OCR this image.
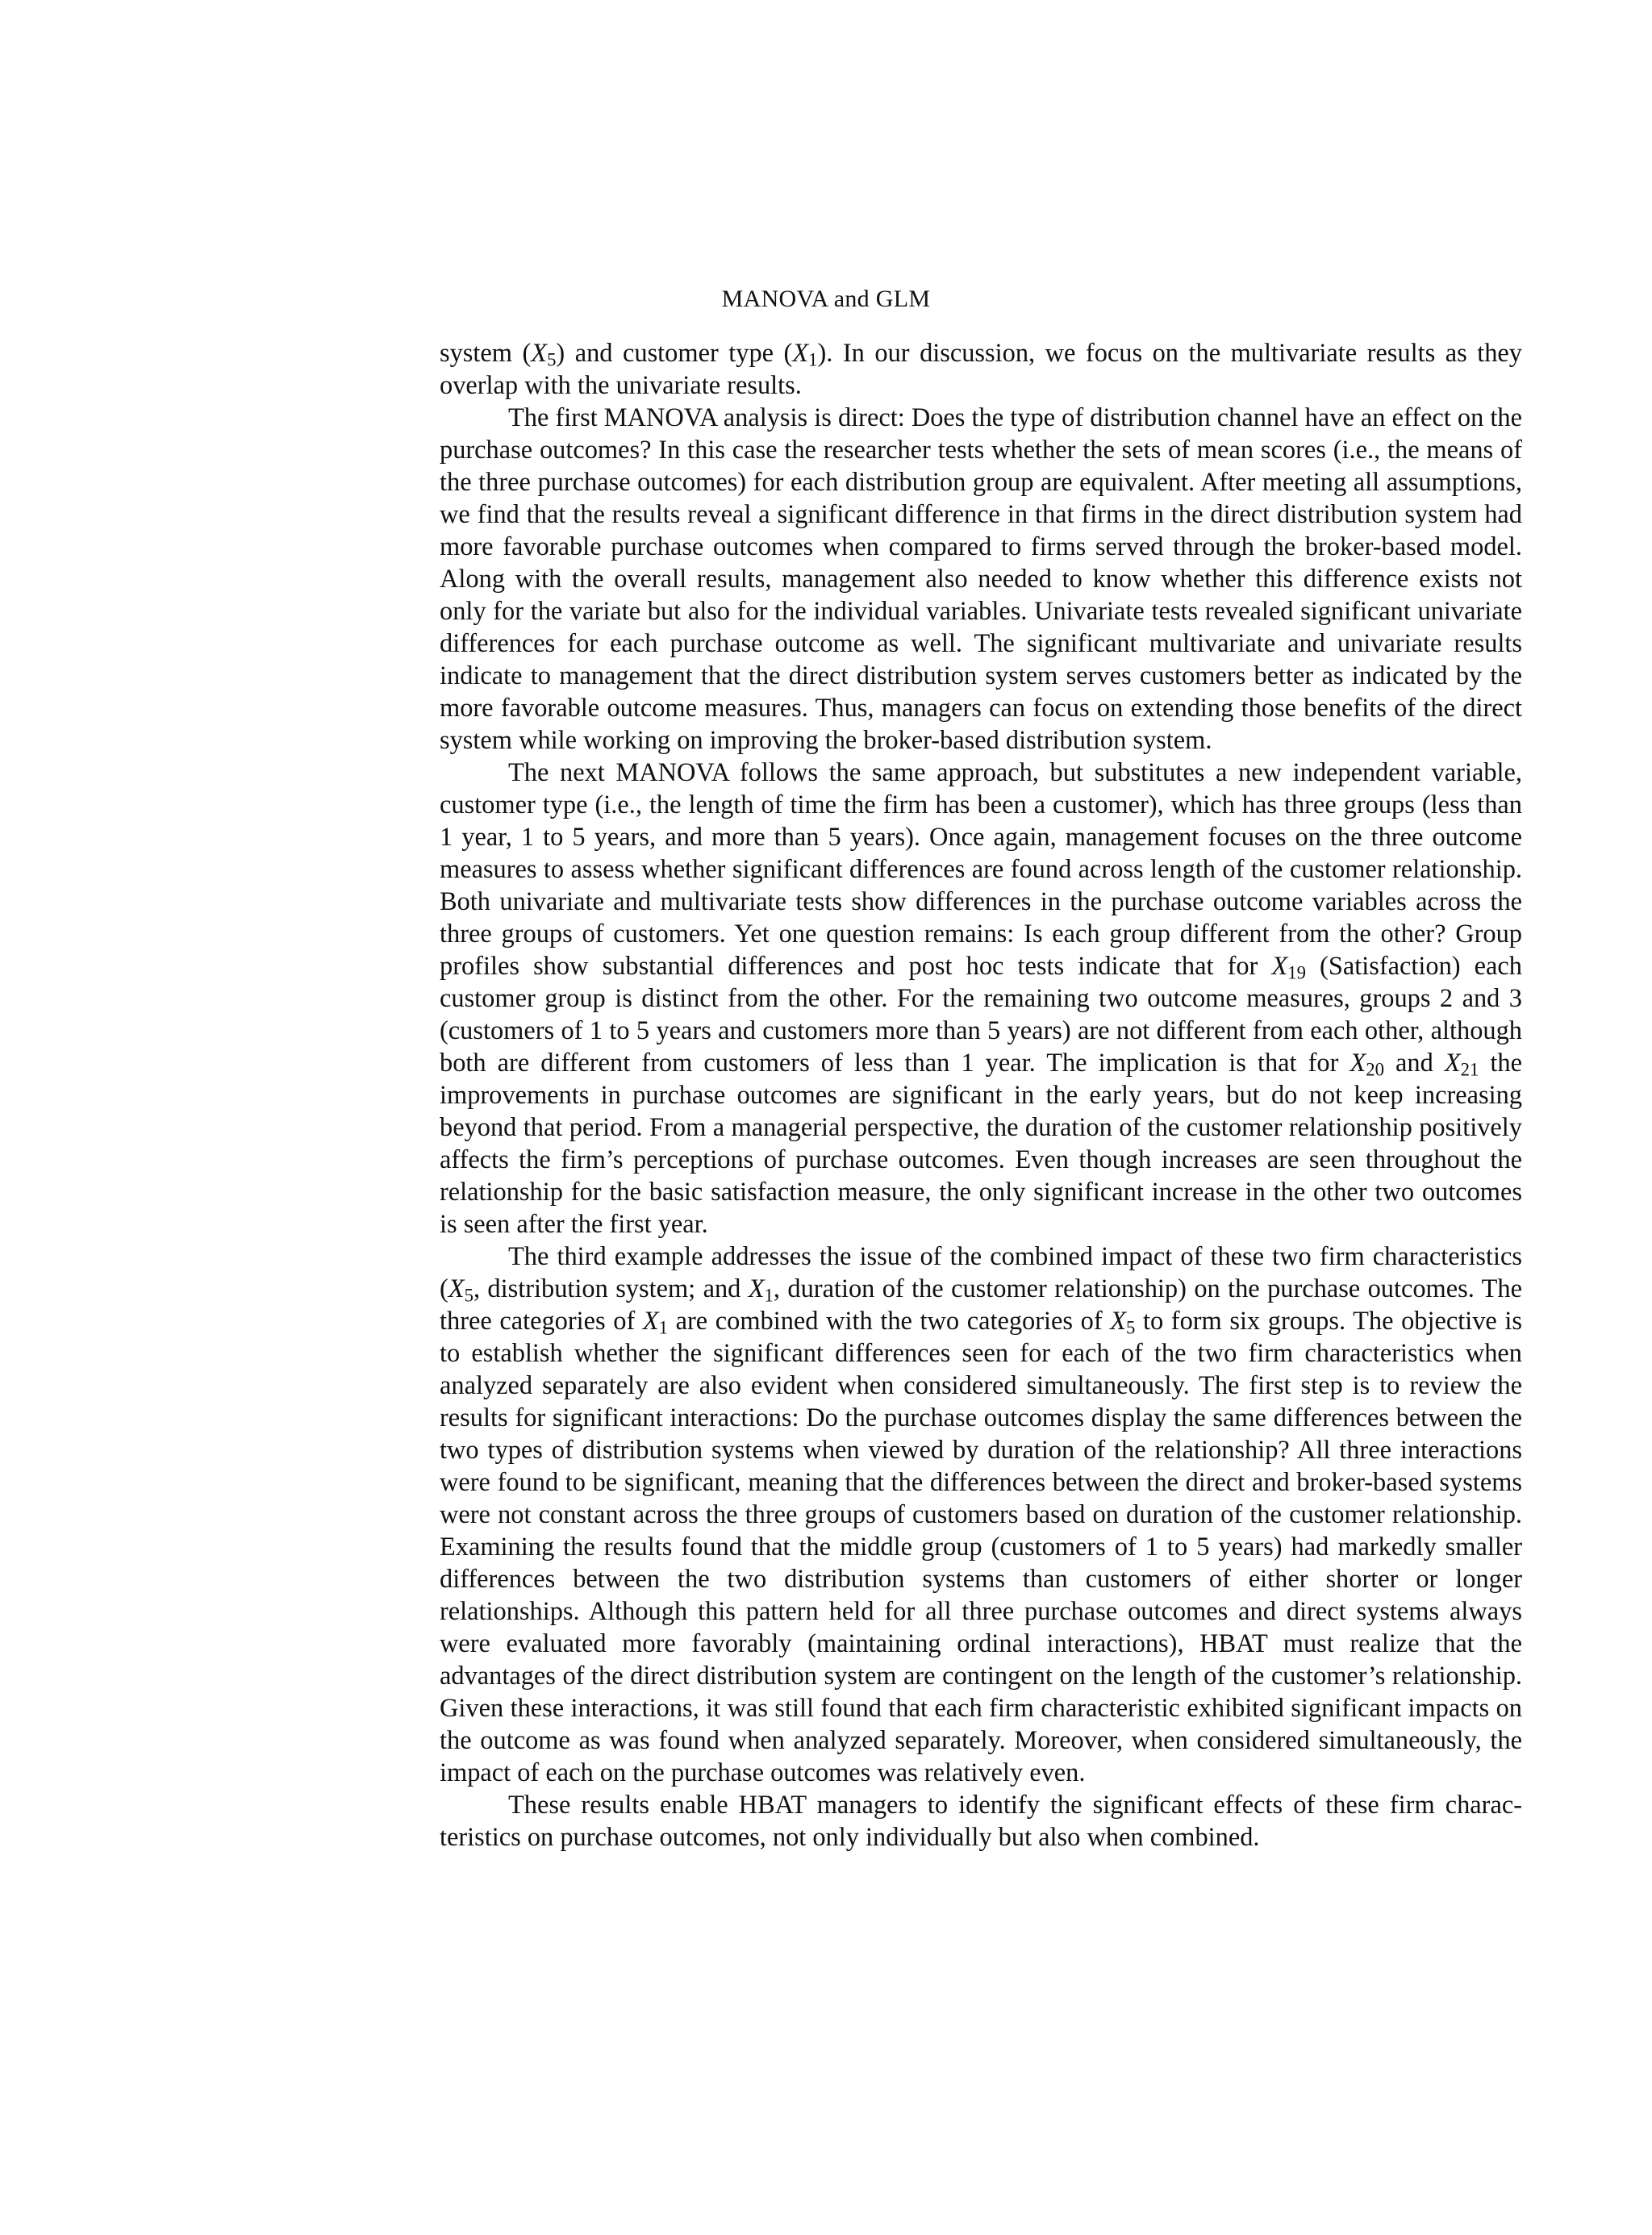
MANOVA and GLM

system $(X_5)$ and customer type $(X_1)$. In our discussion, we focus on the multivariate results as they overlap with the univariate results.

The first MANOVA analysis is direct: Does the type of distribution channel have an effect on the purchase outcomes? In this case the researcher tests whether the sets of mean scores (i.e., the means of the three purchase outcomes) for each distribution group are equivalent. After meeting all assumptions, we find that the results reveal a significant difference in that firms in the direct distribution system had more favorable purchase outcomes when compared to firms served through the broker-based model. Along with the overall results, management also needed to know whether this difference exists not only for the variate but also for the individual variables. Univariate tests revealed significant univariate differences for each purchase outcome as well. The significant multivariate and univariate results indicate to management that the direct distribution system serves customers better as indicated by the more favorable outcome measures. Thus, managers can focus on extending those benefits of the direct system while working on improving the broker-based distribution system.

The next MANOVA follows the same approach, but substitutes a new independent variable, customer type (i.e., the length of time the firm has been a customer), which has three groups (less than 1 year, 1 to 5 years, and more than 5 years). Once again, management focuses on the three outcome measures to assess whether significant differences are found across length of the customer relationship. Both univariate and multivariate tests show differences in the purchase outcome variables across the three groups of customers. Yet one question remains: Is each group different from the other? Group profiles show substantial differences and post hoc tests indicate that for $X_{19}$ (Satisfaction) each customer group is distinct from the other. For the remaining two outcome measures, groups 2 and 3 (customers of 1 to 5 years and customers more than 5 years) are not different from each other, although both are different from customers of less than 1 year. The implication is that for $X_{20}$ and $X_{21}$ the improvements in purchase outcomes are significant in the early years, but do not keep increasing beyond that period. From a managerial perspective, the duration of the customer relationship positively affects the firm’s perceptions of purchase outcomes. Even though increases are seen throughout the relationship for the basic satisfaction measure, the only significant increase in the other two outcomes is seen after the first year.

The third example addresses the issue of the combined impact of these two firm characteristics ($X_5$, distribution system; and $X_1$, duration of the customer relationship) on the purchase outcomes. The three categories of $X_1$ are combined with the two categories of $X_5$ to form six groups. The objective is to establish whether the significant differences seen for each of the two firm characteristics when analyzed separately are also evident when considered simultaneously. The first step is to review the results for significant interactions: Do the purchase outcomes display the same differences between the two types of distribution systems when viewed by duration of the relationship? All three interactions were found to be significant, meaning that the differences between the direct and broker-based systems were not constant across the three groups of customers based on duration of the customer relationship. Examining the results found that the middle group (customers of 1 to 5 years) had markedly smaller differences between the two distribution systems than customers of either shorter or longer relationships. Although this pattern held for all three purchase outcomes and direct systems always were evaluated more favorably (maintaining ordinal interactions), HBAT must realize that the advantages of the direct distribution system are contingent on the length of the customer’s relationship. Given these interactions, it was still found that each firm characteristic exhibited significant impacts on the outcome as was found when analyzed separately. Moreover, when considered simultaneously, the impact of each on the purchase outcomes was relatively even.

These results enable HBAT managers to identify the significant effects of these firm characteristics on purchase outcomes, not only individually but also when combined.
